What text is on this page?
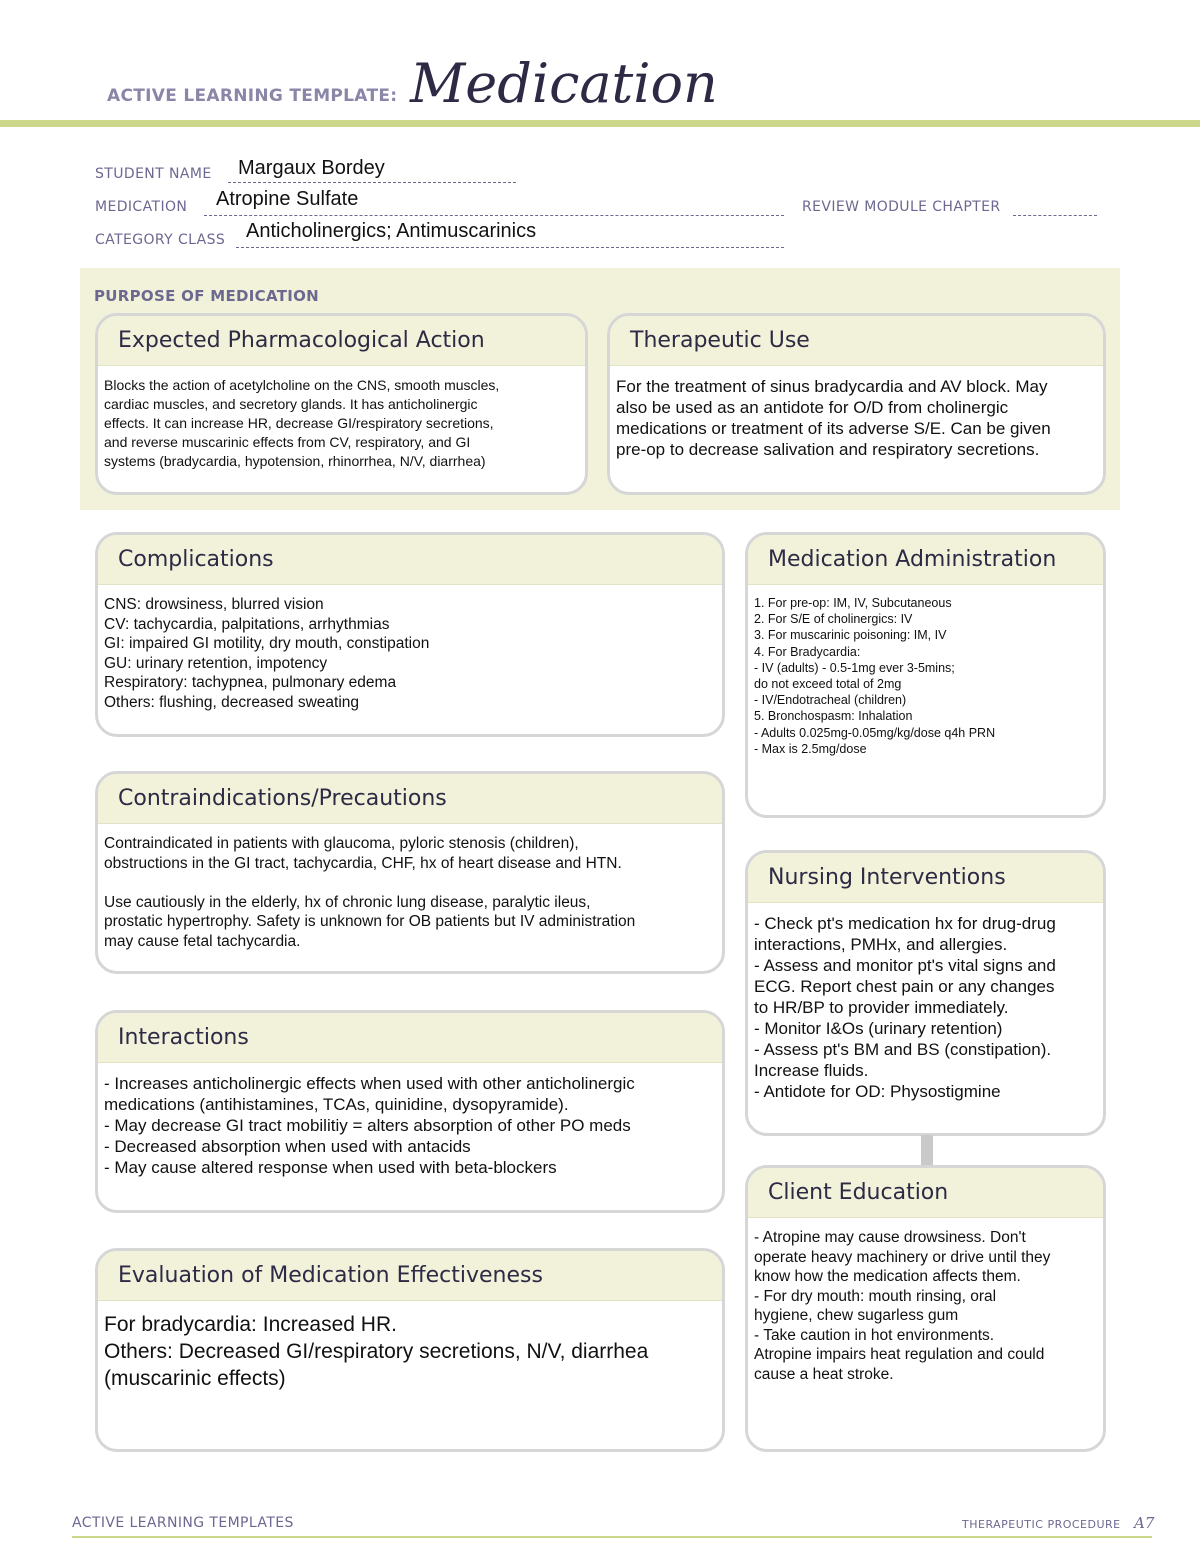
ACTIVE LEARNING TEMPLATE: Medication
STUDENT NAME Margaux Bordey
MEDICATION Atropine Sulfate	REVIEW MODULE CHAPTER
CATEGORY CLASS Anticholinergics; Antimuscarinics
PURPOSE OF MEDICATION
Expected Pharmacological Action
Blocks the action of acetylcholine on the CNS, smooth muscles,
cardiac muscles, and secretory glands. It has anticholinergic
effects. It can increase HR, decrease GI/respiratory secretions,
and reverse muscarinic effects from CV, respiratory, and GI
systems (bradycardia, hypotension, rhinorrhea, N/V, diarrhea)
Therapeutic Use
For the treatment of sinus bradycardia and AV block. May
also be used as an antidote for O/D from cholinergic
medications or treatment of its adverse S/E. Can be given
pre-op to decrease salivation and respiratory secretions.
Complications
CNS: drowsiness, blurred vision
CV: tachycardia, palpitations, arrhythmias
GI: impaired GI motility, dry mouth, constipation
GU: urinary retention, impotency
Respiratory: tachypnea, pulmonary edema
Others: flushing, decreased sweating
Medication Administration
1. For pre-op: IM, IV, Subcutaneous
2. For S/E of cholinergics: IV
3. For muscarinic poisoning: IM, IV
4. For Bradycardia:
- IV (adults) - 0.5-1mg ever 3-5mins;
do not exceed total of 2mg
- IV/Endotracheal (children)
5. Bronchospasm: Inhalation
- Adults 0.025mg-0.05mg/kg/dose q4h PRN
- Max is 2.5mg/dose
Contraindications/Precautions
Contraindicated in patients with glaucoma, pyloric stenosis (children),
obstructions in the GI tract, tachycardia, CHF, hx of heart disease and HTN.

Use cautiously in the elderly, hx of chronic lung disease, paralytic ileus,
prostatic hypertrophy. Safety is unknown for OB patients but IV administration
may cause fetal tachycardia.
Nursing Interventions
- Check pt's medication hx for drug-drug
interactions, PMHx, and allergies.
- Assess and monitor pt's vital signs and
ECG. Report chest pain or any changes
to HR/BP to provider immediately.
- Monitor I&Os (urinary retention)
- Assess pt's BM and BS (constipation).
Increase fluids.
- Antidote for OD: Physostigmine
Interactions
- Increases anticholinergic effects when used with other anticholinergic
medications (antihistamines, TCAs, quinidine, dysopyramide).
- May decrease GI tract mobilitiy = alters absorption of other PO meds
- Decreased absorption when used with antacids
- May cause altered response when used with beta-blockers
Client Education
- Atropine may cause drowsiness. Don't
operate heavy machinery or drive until they
know how the medication affects them.
- For dry mouth: mouth rinsing, oral
hygiene, chew sugarless gum
- Take caution in hot environments.
Atropine impairs heat regulation and could
cause a heat stroke.
Evaluation of Medication Effectiveness
For bradycardia: Increased HR.
Others: Decreased GI/respiratory secretions, N/V, diarrhea
(muscarinic effects)
ACTIVE LEARNING TEMPLATES	THERAPEUTIC PROCEDURE A7
